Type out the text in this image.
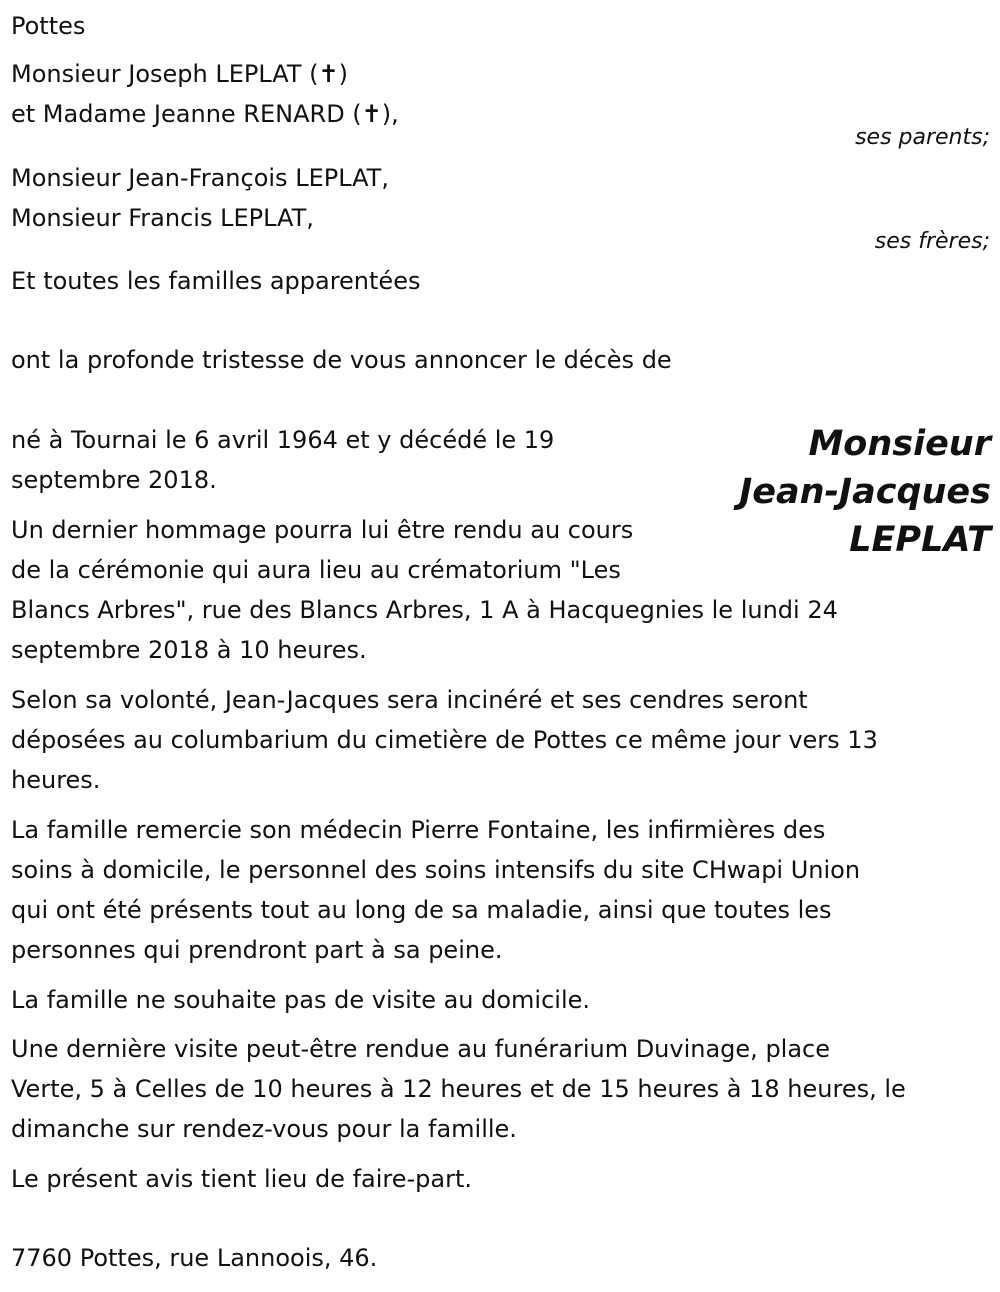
Pottes
Monsieur Joseph LEPLAT (✝)
et Madame Jeanne RENARD (✝),
ses parents;
Monsieur Jean-François LEPLAT,
Monsieur Francis LEPLAT,
ses frères;
Et toutes les familles apparentées
ont la profonde tristesse de vous annoncer le décès de
Monsieur
Jean-Jacques
LEPLAT
né à Tournai le 6 avril 1964 et y décédé le 19
septembre 2018.
Un dernier hommage pourra lui être rendu au cours
de la cérémonie qui aura lieu au crématorium "Les
Blancs Arbres", rue des Blancs Arbres, 1 A à Hacquegnies le lundi 24
septembre 2018 à 10 heures.
Selon sa volonté, Jean-Jacques sera incinéré et ses cendres seront
déposées au columbarium du cimetière de Pottes ce même jour vers 13
heures.
La famille remercie son médecin Pierre Fontaine, les infirmières des
soins à domicile, le personnel des soins intensifs du site CHwapi Union
qui ont été présents tout au long de sa maladie, ainsi que toutes les
personnes qui prendront part à sa peine.
La famille ne souhaite pas de visite au domicile.
Une dernière visite peut-être rendue au funérarium Duvinage, place
Verte, 5 à Celles de 10 heures à 12 heures et de 15 heures à 18 heures, le
dimanche sur rendez-vous pour la famille.
Le présent avis tient lieu de faire-part.
7760 Pottes, rue Lannoois, 46.
